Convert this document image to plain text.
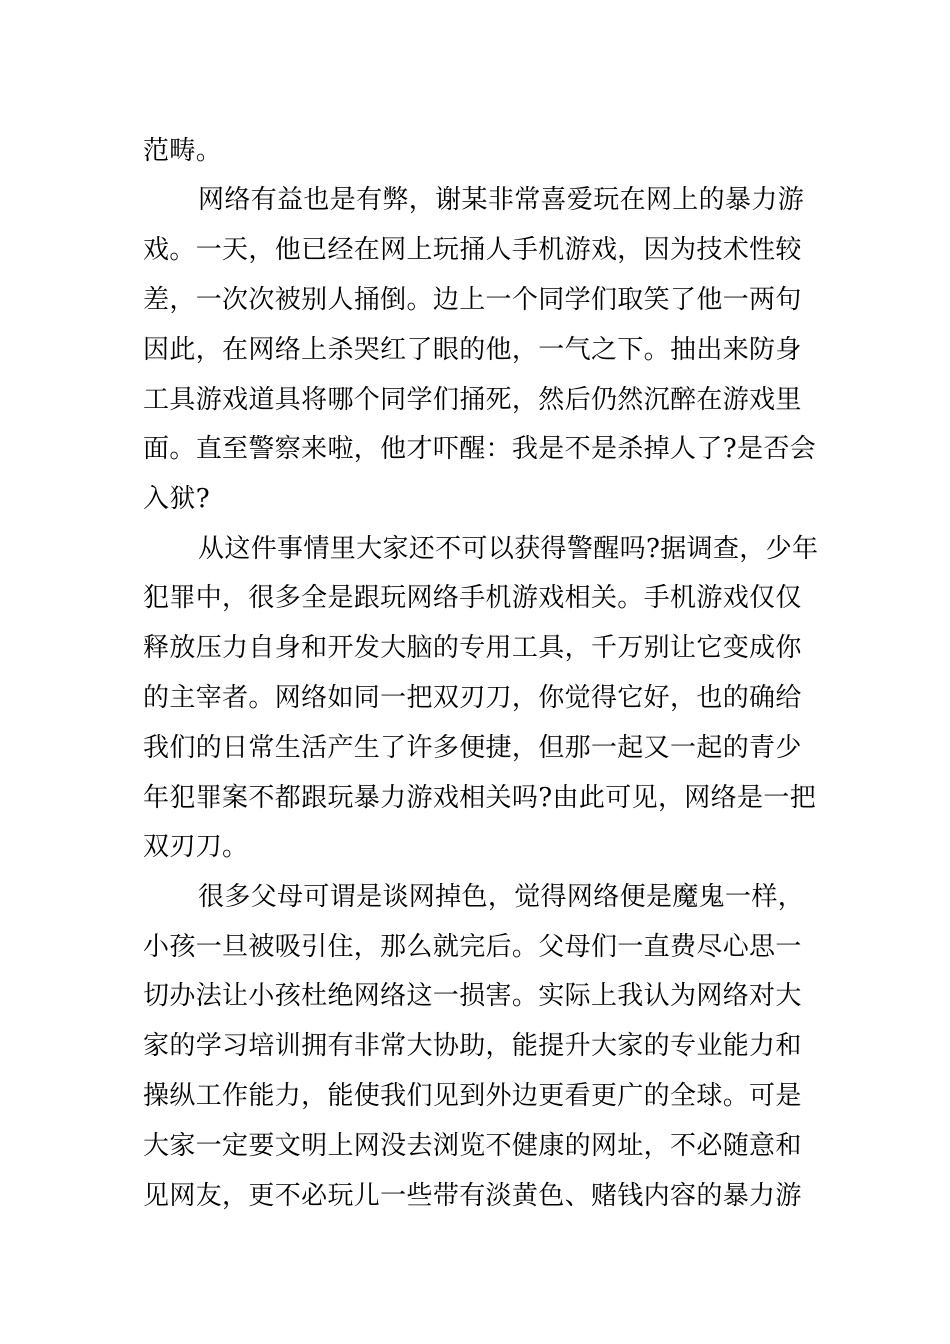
范畴。
网络有益也是有弊，谢某非常喜爱玩在网上的暴力游
戏。一天，他已经在网上玩捅人手机游戏，因为技术性较
差，一次次被别人捅倒。边上一个同学们取笑了他一两句
因此，在网络上杀哭红了眼的他，一气之下。抽出来防身
工具游戏道具将哪个同学们捅死，然后仍然沉醉在游戏里
面。直至警察来啦，他才吓醒：我是不是杀掉人了?是否会
入狱?
从这件事情里大家还不可以获得警醒吗?据调查，少年
犯罪中，很多全是跟玩网络手机游戏相关。手机游戏仅仅
释放压力自身和开发大脑的专用工具，千万别让它变成你
的主宰者。网络如同一把双刃刀，你觉得它好，也的确给
我们的日常生活产生了许多便捷，但那一起又一起的青少
年犯罪案不都跟玩暴力游戏相关吗?由此可见，网络是一把
双刃刀。
很多父母可谓是谈网掉色，觉得网络便是魔鬼一样，
小孩一旦被吸引住，那么就完后。父母们一直费尽心思一
切办法让小孩杜绝网络这一损害。实际上我认为网络对大
家的学习培训拥有非常大协助，能提升大家的专业能力和
操纵工作能力，能使我们见到外边更看更广的全球。可是
大家一定要文明上网没去浏览不健康的网址，不必随意和
见网友，更不必玩儿一些带有淡黄色、赌钱内容的暴力游
